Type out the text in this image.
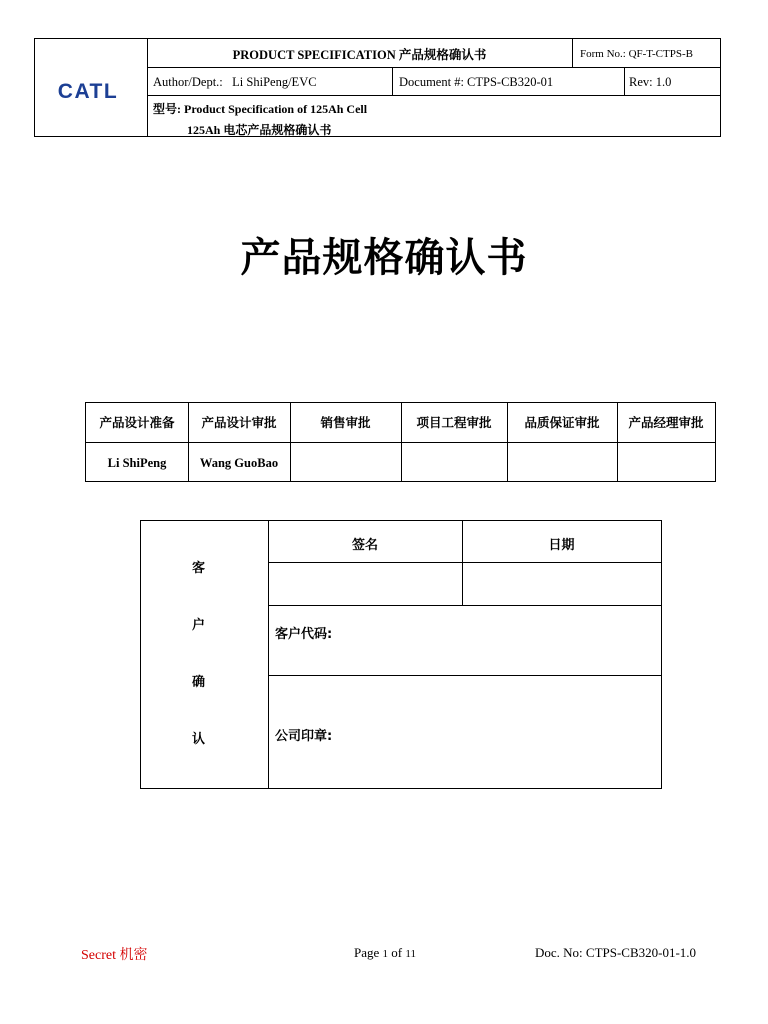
CATL
PRODUCT SPECIFICATION 产品规格确认书	Form No.: QF-T-CTPS-B
Author/Dept.: Li ShiPeng/EVC	Document #: CTPS-CB320-01	Rev: 1.0
型号: Product Specification of 125Ah Cell
125Ah 电芯产品规格确认书
产品规格确认书
产品设计准备	产品设计审批	销售审批	项目工程审批	品质保证审批	产品经理审批
Li ShiPeng	Wang GuoBao
客
户
确
认
签名	日期
客户代码:
公司印章:
Secret 机密	Page 1 of 11	Doc. No: CTPS-CB320-01-1.0
